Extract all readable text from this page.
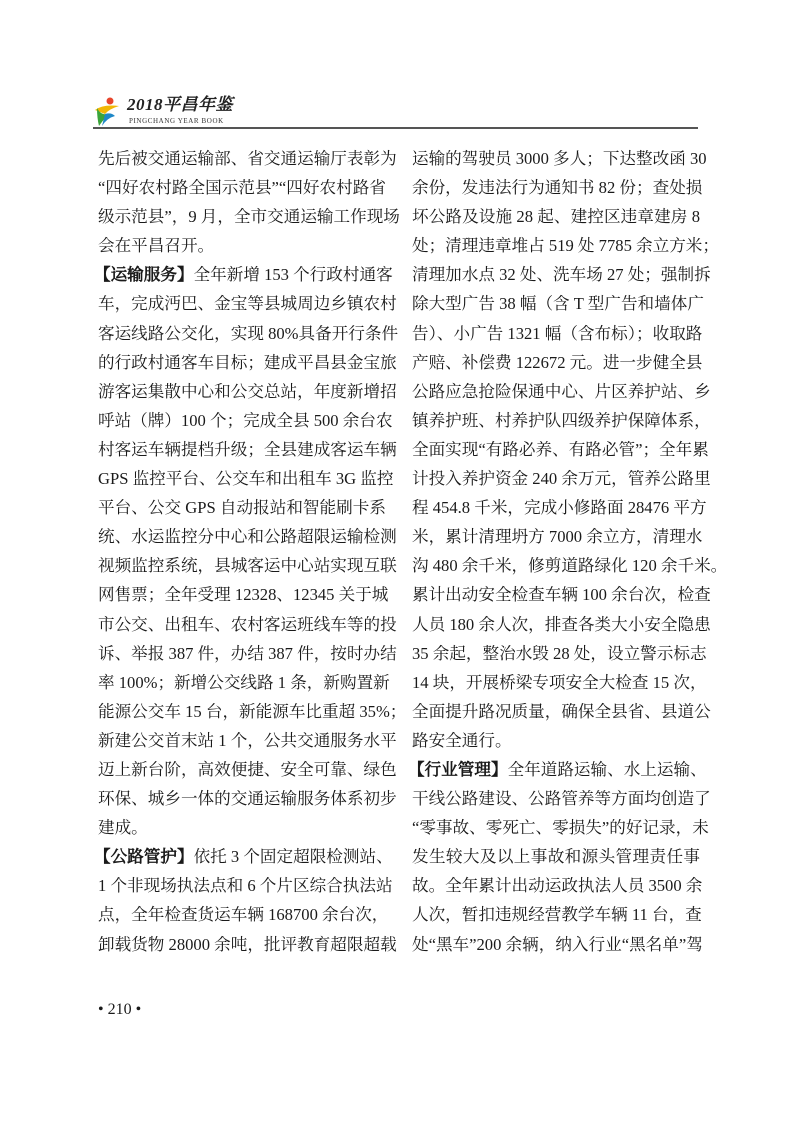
2018平昌年鉴
PINGCHANG YEAR BOOK
先后被交通运输部、省交通运输厅表彰为
“四好农村路全国示范县”“四好农村路省
级示范县”，9 月，全市交通运输工作现场
会在平昌召开。
【运输服务】全年新增 153 个行政村通客
车，完成沔巴、金宝等县城周边乡镇农村
客运线路公交化，实现 80%具备开行条件
的行政村通客车目标；建成平昌县金宝旅
游客运集散中心和公交总站，年度新增招
呼站（牌）100 个；完成全县 500 余台农
村客运车辆提档升级；全县建成客运车辆
GPS 监控平台、公交车和出租车 3G 监控
平台、公交 GPS 自动报站和智能刷卡系
统、水运监控分中心和公路超限运输检测
视频监控系统，县城客运中心站实现互联
网售票；全年受理 12328、12345 关于城
市公交、出租车、农村客运班线车等的投
诉、举报 387 件，办结 387 件，按时办结
率 100%；新增公交线路 1 条，新购置新
能源公交车 15 台，新能源车比重超 35%；
新建公交首末站 1 个，公共交通服务水平
迈上新台阶，高效便捷、安全可靠、绿色
环保、城乡一体的交通运输服务体系初步
建成。
【公路管护】依托 3 个固定超限检测站、
1 个非现场执法点和 6 个片区综合执法站
点，全年检查货运车辆 168700 余台次，
卸载货物 28000 余吨，批评教育超限超载
运输的驾驶员 3000 多人；下达整改函 30
余份，发违法行为通知书 82 份；查处损
坏公路及设施 28 起、建控区违章建房 8
处；清理违章堆占 519 处 7785 余立方米；
清理加水点 32 处、洗车场 27 处；强制拆
除大型广告 38 幅（含 T 型广告和墙体广
告）、小广告 1321 幅（含布标）；收取路
产赔、补偿费 122672 元。进一步健全县
公路应急抢险保通中心、片区养护站、乡
镇养护班、村养护队四级养护保障体系，
全面实现“有路必养、有路必管”；全年累
计投入养护资金 240 余万元，管养公路里
程 454.8 千米，完成小修路面 28476 平方
米，累计清理坍方 7000 余立方，清理水
沟 480 余千米，修剪道路绿化 120 余千米。
累计出动安全检查车辆 100 余台次，检查
人员 180 余人次，排查各类大小安全隐患
35 余起，整治水毁 28 处，设立警示标志
14 块，开展桥梁专项安全大检查 15 次，
全面提升路况质量，确保全县省、县道公
路安全通行。
【行业管理】全年道路运输、水上运输、
干线公路建设、公路管养等方面均创造了
“零事故、零死亡、零损失”的好记录，未
发生较大及以上事故和源头管理责任事
故。全年累计出动运政执法人员 3500 余
人次，暂扣违规经营教学车辆 11 台，查
处“黑车”200 余辆，纳入行业“黑名单”驾
• 210 •
